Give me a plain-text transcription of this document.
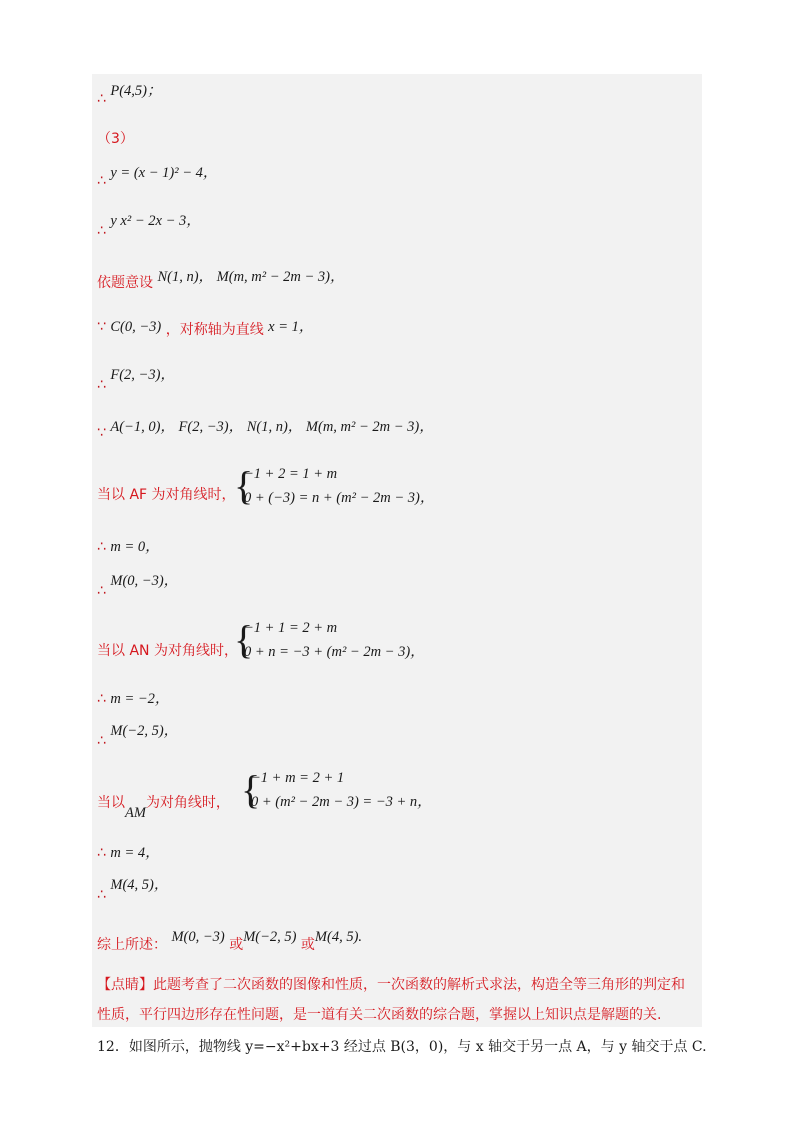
∴ P(4,5)；
（3）
∴ y = (x − 1)² − 4，
∴ y x² − 2x − 3，
依题意设 N(1, n)， M(m, m² − 2m − 3)，
∵ C(0, −3) ，对称轴为直线 x = 1，
∴ F(2, −3)，
∵ A(−1, 0)， F(2, −3)， N(1, n)， M(m, m² − 2m − 3)，
当以 AF 为对角线时，
{
−1 + 2 = 1 + m
0 + (−3) = n + (m² − 2m − 3)，
∴ m = 0，
∴ M(0, −3)，
当以 AN 为对角线时，
{
−1 + 1 = 2 + m
0 + n = −3 + (m² − 2m − 3)，
∴ m = −2，
∴ M(−2, 5)，
当以AM为对角线时， {
−1 + m = 2 + 1
0 + (m² − 2m − 3) = −3 + n，
∴ m = 4，
∴ M(4, 5)，
综上所述： M(0, −3) 或M(−2, 5) 或M(4, 5).
【点睛】此题考查了二次函数的图像和性质，一次函数的解析式求法，构造全等三角形的判定和
性质，平行四边形存在性问题，是一道有关二次函数的综合题，掌握以上知识点是解题的关.
12．如图所示，抛物线 y=−x²+bx+3 经过点 B(3，0)，与 x 轴交于另一点 A，与 y 轴交于点 C.
